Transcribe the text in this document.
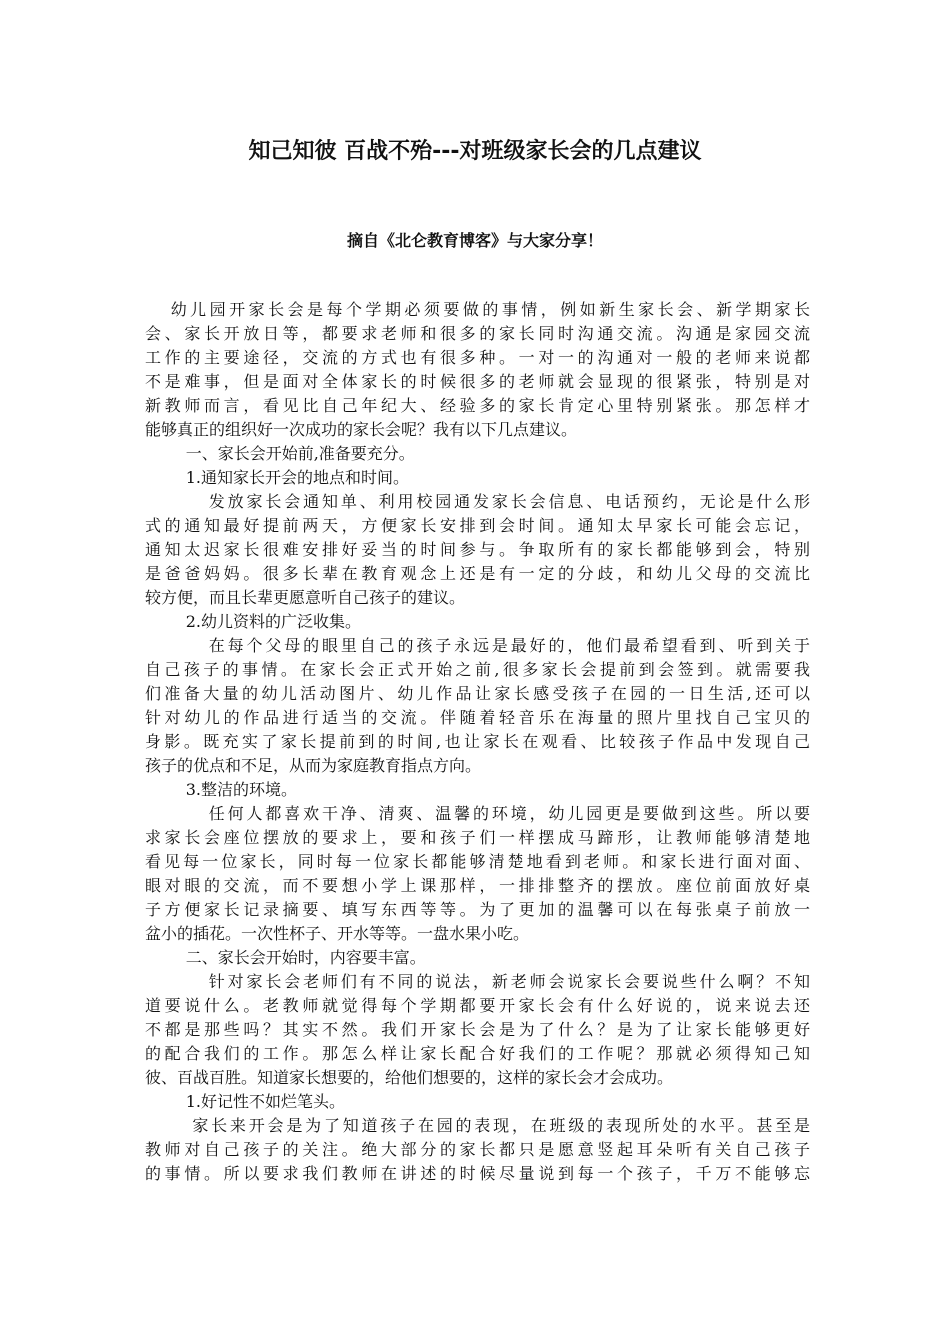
知己知彼 百战不殆---对班级家长会的几点建议
摘自《北仑教育博客》与大家分享！
幼儿园开家长会是每个学期必须要做的事情，例如新生家长会、新学期家长
会、家长开放日等，都要求老师和很多的家长同时沟通交流。沟通是家园交流
工作的主要途径，交流的方式也有很多种。一对一的沟通对一般的老师来说都
不是难事，但是面对全体家长的时候很多的老师就会显现的很紧张，特别是对
新教师而言，看见比自己年纪大、经验多的家长肯定心里特别紧张。那怎样才
能够真正的组织好一次成功的家长会呢？我有以下几点建议。
一、家长会开始前,准备要充分。
1.通知家长开会的地点和时间。
发放家长会通知单、利用校园通发家长会信息、电话预约，无论是什么形
式的通知最好提前两天，方便家长安排到会时间。通知太早家长可能会忘记，
通知太迟家长很难安排好妥当的时间参与。争取所有的家长都能够到会，特别
是爸爸妈妈。很多长辈在教育观念上还是有一定的分歧，和幼儿父母的交流比
较方便，而且长辈更愿意听自己孩子的建议。
2.幼儿资料的广泛收集。
在每个父母的眼里自己的孩子永远是最好的，他们最希望看到、听到关于
自己孩子的事情。在家长会正式开始之前,很多家长会提前到会签到。就需要我
们准备大量的幼儿活动图片、幼儿作品让家长感受孩子在园的一日生活,还可以
针对幼儿的作品进行适当的交流。伴随着轻音乐在海量的照片里找自己宝贝的
身影。既充实了家长提前到的时间,也让家长在观看、比较孩子作品中发现自己
孩子的优点和不足，从而为家庭教育指点方向。
3.整洁的环境。
任何人都喜欢干净、清爽、温馨的环境，幼儿园更是要做到这些。所以要
求家长会座位摆放的要求上，要和孩子们一样摆成马蹄形，让教师能够清楚地
看见每一位家长，同时每一位家长都能够清楚地看到老师。和家长进行面对面、
眼对眼的交流，而不要想小学上课那样，一排排整齐的摆放。座位前面放好桌
子方便家长记录摘要、填写东西等等。为了更加的温馨可以在每张桌子前放一
盆小的插花。一次性杯子、开水等等。一盘水果小吃。
二、家长会开始时，内容要丰富。
针对家长会老师们有不同的说法，新老师会说家长会要说些什么啊？不知
道要说什么。老教师就觉得每个学期都要开家长会有什么好说的，说来说去还
不都是那些吗？其实不然。我们开家长会是为了什么？是为了让家长能够更好
的配合我们的工作。那怎么样让家长配合好我们的工作呢？那就必须得知己知
彼、百战百胜。知道家长想要的，给他们想要的，这样的家长会才会成功。
1.好记性不如烂笔头。
家长来开会是为了知道孩子在园的表现，在班级的表现所处的水平。甚至是
教师对自己孩子的关注。绝大部分的家长都只是愿意竖起耳朵听有关自己孩子
的事情。所以要求我们教师在讲述的时候尽量说到每一个孩子，千万不能够忘
